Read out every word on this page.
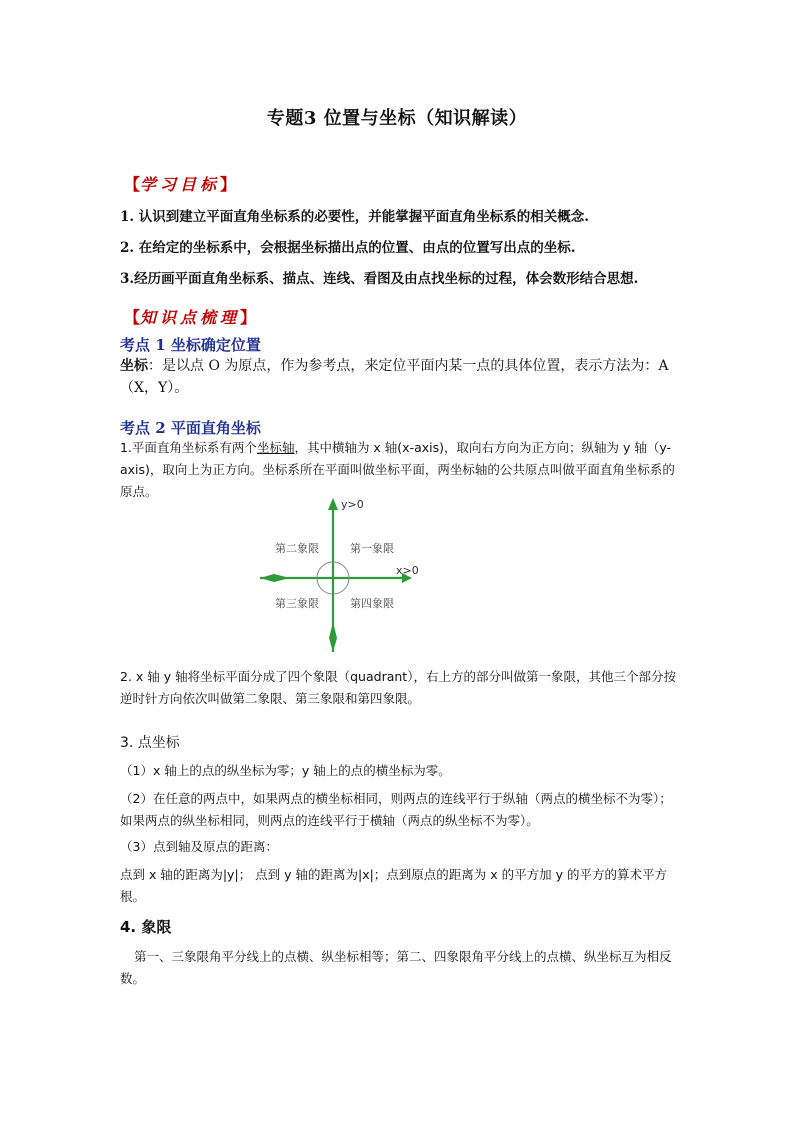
专题3 位置与坐标（知识解读）
【学习目标】
1. 认识到建立平面直角坐标系的必要性，并能掌握平面直角坐标系的相关概念.
2. 在给定的坐标系中，会根据坐标描出点的位置、由点的位置写出点的坐标.
3.经历画平面直角坐标系、描点、连线、看图及由点找坐标的过程，体会数形结合思想.
【知识点梳理】
考点 1 坐标确定位置
坐标：是以点 O 为原点，作为参考点，来定位平面内某一点的具体位置，表示方法为：A（X，Y）。
考点 2 平面直角坐标
1.平面直角坐标系有两个坐标轴，其中横轴为 x 轴(x-axis)，取向右方向为正方向；纵轴为 y 轴（y-axis)，取向上为正方向。坐标系所在平面叫做坐标平面，两坐标轴的公共原点叫做平面直角坐标系的原点。
y>0
x>0
第二象限	第一象限
第三象限	第四象限
2. x 轴 y 轴将坐标平面分成了四个象限（quadrant），右上方的部分叫做第一象限，其他三个部分按逆时针方向依次叫做第二象限、第三象限和第四象限。
3. 点坐标
（1）x 轴上的点的纵坐标为零；y 轴上的点的横坐标为零。
（2）在任意的两点中，如果两点的横坐标相同，则两点的连线平行于纵轴（两点的横坐标不为零）；如果两点的纵坐标相同，则两点的连线平行于横轴（两点的纵坐标不为零）。
（3）点到轴及原点的距离：
点到 x 轴的距离为|y|； 点到 y 轴的距离为|x|；点到原点的距离为 x 的平方加 y 的平方的算术平方根。
4. 象限
第一、三象限角平分线上的点横、纵坐标相等；第二、四象限角平分线上的点横、纵坐标互为相反数。
